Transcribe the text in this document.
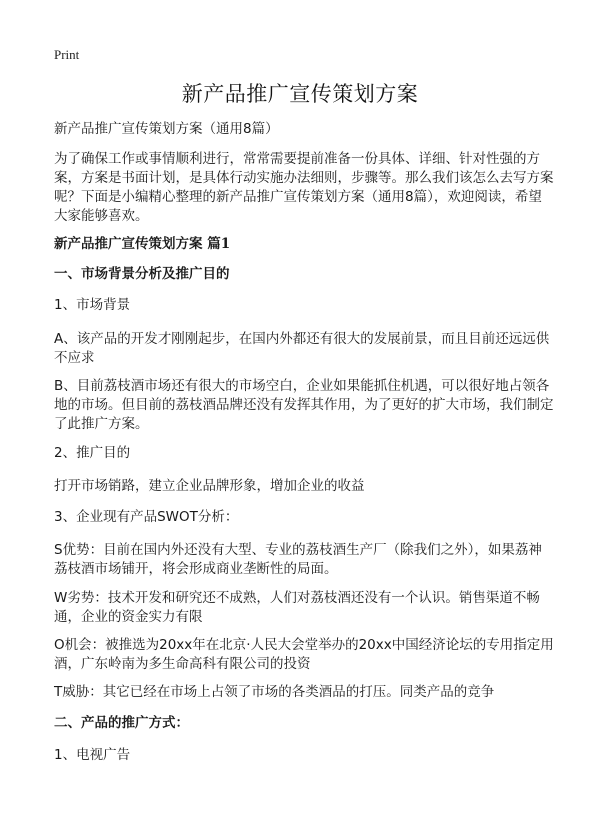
Print
新产品推广宣传策划方案

新产品推广宣传策划方案（通用8篇）

为了确保工作或事情顺利进行，常常需要提前准备一份具体、详细、针对性强的方案，方案是书面计划，是具体行动实施办法细则，步骤等。那么我们该怎么去写方案呢？下面是小编精心整理的新产品推广宣传策划方案（通用8篇），欢迎阅读，希望大家能够喜欢。

新产品推广宣传策划方案 篇1

一、市场背景分析及推广目的

1、市场背景

A、该产品的开发才刚刚起步，在国内外都还有很大的发展前景，而且目前还远远供不应求

B、目前荔枝酒市场还有很大的市场空白，企业如果能抓住机遇，可以很好地占领各地的市场。但目前的荔枝酒品牌还没有发挥其作用，为了更好的扩大市场，我们制定了此推广方案。

2、推广目的

打开市场销路，建立企业品牌形象，增加企业的收益

3、企业现有产品SWOT分析：

S优势：目前在国内外还没有大型、专业的荔枝酒生产厂（除我们之外），如果荔神荔枝酒市场铺开，将会形成商业垄断性的局面。

W劣势：技术开发和研究还不成熟，人们对荔枝酒还没有一个认识。销售渠道不畅通，企业的资金实力有限

O机会：被推选为20xx年在北京·人民大会堂举办的20xx中国经济论坛的专用指定用酒，广东岭南为多生命高科有限公司的投资

T威胁：其它已经在市场上占领了市场的各类酒品的打压。同类产品的竞争

二、产品的推广方式：

1、电视广告
